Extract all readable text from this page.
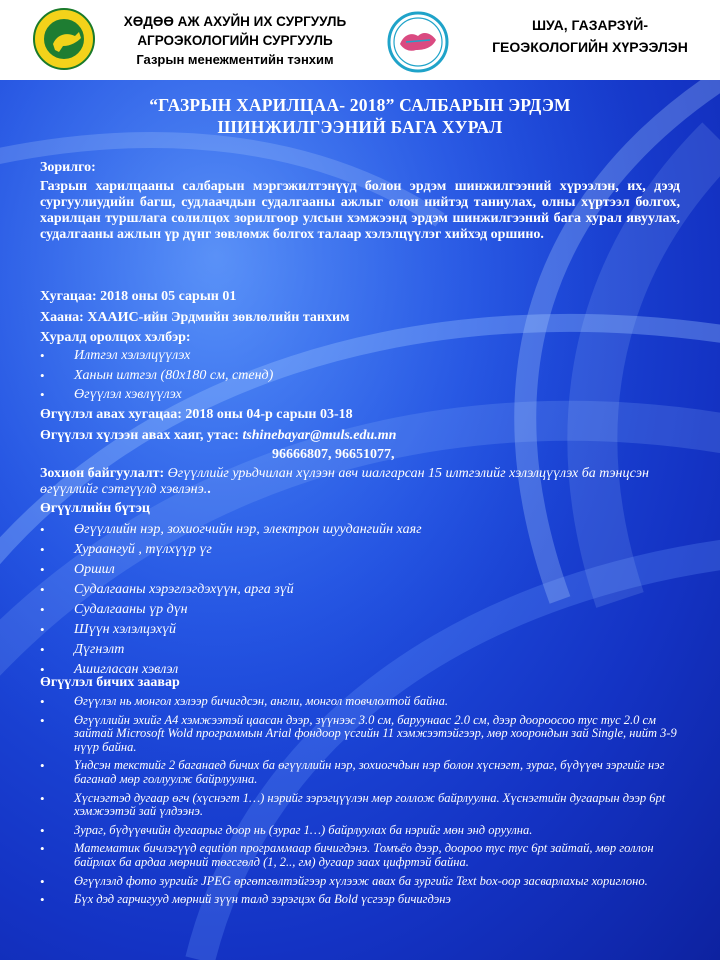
ХӨДӨӨ АЖ АХУЙН ИХ СУРГУУЛЬ
АГРОЭКОЛОГИЙН СУРГУУЛЬ
Газрын менежментийн тэнхим
ШУА, ГАЗАРЗҮЙ-
ГЕОЭКОЛОГИЙН ХҮРЭЭЛЭН
“ГАЗРЫН ХАРИЛЦАА- 2018” САЛБАРЫН ЭРДЭМ
ШИНЖИЛГЭЭНИЙ БАГА ХУРАЛ
Зорилго:
Газрын харилцааны салбарын мэргэжилтэнүүд болон эрдэм шинжилгээний хүрээлэн, их, дээд сургуулиудийн багш, судлаачдын судалгааны ажлыг олон нийтэд таниулах, олны хүртээл болгох, харилцан туршлага солилцох зорилгоор улсын хэмжээнд эрдэм шинжилгээний бага хурал явуулах, судалгааны ажлын үр дүнг зөвлөмж болгох талаар хэлэлцүүлэг хийхэд оршино.
Хугацаа: 2018 оны 05 сарын 01
Хаана: ХААИС-ийн Эрдмийн зөвлөлийн танхим
Хуралд оролцох хэлбэр:
• Илтгэл хэлэлцүүлэх
• Ханын илтгэл (80x180 см, стенд)
• Өгүүлэл хэвлүүлэх
Өгүүлэл авах хугацаа: 2018 оны 04-р сарын 03-18
Өгүүлэл хүлээн авах хаяг, утас: tshinebayar@muls.edu.mn
96666807, 96651077,
Зохион байгуулалт: Өгүүллийг урьдчилан хүлээн авч шалгарсан 15 илтгэлийг хэлэлцүүлэх ба тэнцсэн өгүүллийг сэтгүүлд хэвлэнэ..
Өгүүллийн бүтэц
• Өгүүллийн нэр, зохиогчийн нэр, электрон шуудангийн хаяг
• Хураангуй , түлхүүр үг
• Оршил
• Судалгааны хэрэглэгдэхүүн, арга зүй
• Судалгааны үр дүн
• Шүүн хэлэлцэхүй
• Дүгнэлт
• Ашигласан хэвлэл
Өгүүлэл бичих заавар
• Өгүүлэл нь монгол хэлээр бичигдсэн, англи, монгол товчлолтой байна.
• Өгүүллийн эхийг А4 хэмжээтэй цаасан дээр, зүүнээс 3.0 см, баруунаас 2.0 см, дээр доороосоо тус тус 2.0 см зайтай Microsoft Wold программын Arial фондоор үсгийн 11 хэмжээтэйгээр, мөр хоорондын зай Single, нийт 3-9 нүүр байна.
• Үндсэн текстийг 2 баганаед бичих ба өгүүллийн нэр, зохиогчдын нэр болон хүснэгт, зураг, бүдүүвч зэргийг нэг баганад мөр голлуулж байрлуулна.
• Хүснэгтэд дугаар өгч (хүснэгт 1…) нэрийг зэрэгцүүлэн мөр голлож байрлуулна. Хүснэгтийн дугаарын дээр 6pt хэмжээтэй зай үлдээнэ.
• Зураг, бүдүүвчийн дугаарыг доор нь (зураг 1…) байрлуулах ба нэрийг мөн энд оруулна.
• Математик бичлэгүүд eqution программаар бичигдэнэ. Томъёо дээр, доороо тус тус 6pt зайтай, мөр голлон байрлах ба ардаа мөрний төгсгөлд (1, 2.., гм) дугаар заах цифртэй байна.
• Өгүүлэлд фото зургийг JPEG өргөтгөлтэйгээр хүлээж авах ба зургийг Text box-оор засварлахыг хориглоно.
• Бүх дэд гарчигууд мөрний зүүн талд зэрэгцэх ба Bold үсгээр бичигдэнэ
